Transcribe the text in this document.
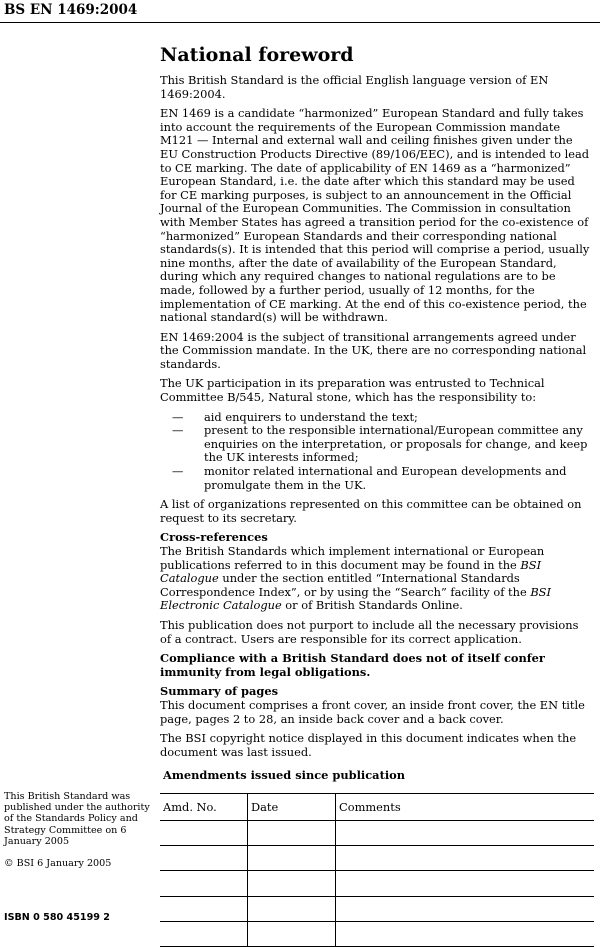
BS EN 1469:2004
National foreword

This British Standard is the official English language version of EN 1469:2004.

EN 1469 is a candidate “harmonized” European Standard and fully takes into account the requirements of the European Commission mandate M121 — Internal and external wall and ceiling finishes given under the EU Construction Products Directive (89/106/EEC), and is intended to lead to CE marking. The date of applicability of EN 1469 as a “harmonized” European Standard, i.e. the date after which this standard may be used for CE marking purposes, is subject to an announcement in the Official Journal of the European Communities. The Commission in consultation with Member States has agreed a transition period for the co-existence of “harmonized” European Standards and their corresponding national standards(s). It is intended that this period will comprise a period, usually nine months, after the date of availability of the European Standard, during which any required changes to national regulations are to be made, followed by a further period, usually of 12 months, for the implementation of CE marking. At the end of this co-existence period, the national standard(s) will be withdrawn.

EN 1469:2004 is the subject of transitional arrangements agreed under the Commission mandate. In the UK, there are no corresponding national standards.

The UK participation in its preparation was entrusted to Technical Committee B/545, Natural stone, which has the responsibility to:

— aid enquirers to understand the text;
— present to the responsible international/European committee any enquiries on the interpretation, or proposals for change, and keep the UK interests informed;
— monitor related international and European developments and promulgate them in the UK.

A list of organizations represented on this committee can be obtained on request to its secretary.

Cross-references

The British Standards which implement international or European publications referred to in this document may be found in the BSI Catalogue under the section entitled “International Standards Correspondence Index”, or by using the “Search” facility of the BSI Electronic Catalogue or of British Standards Online.

This publication does not purport to include all the necessary provisions of a contract. Users are responsible for its correct application.

Compliance with a British Standard does not of itself confer immunity from legal obligations.

Summary of pages

This document comprises a front cover, an inside front cover, the EN title page, pages 2 to 28, an inside back cover and a back cover.

The BSI copyright notice displayed in this document indicates when the document was last issued.

Amendments issued since publication
Amd. No.	Date	Comments

This British Standard was published under the authority of the Standards Policy and Strategy Committee on 6 January 2005
© BSI 6 January 2005
ISBN 0 580 45199 2
